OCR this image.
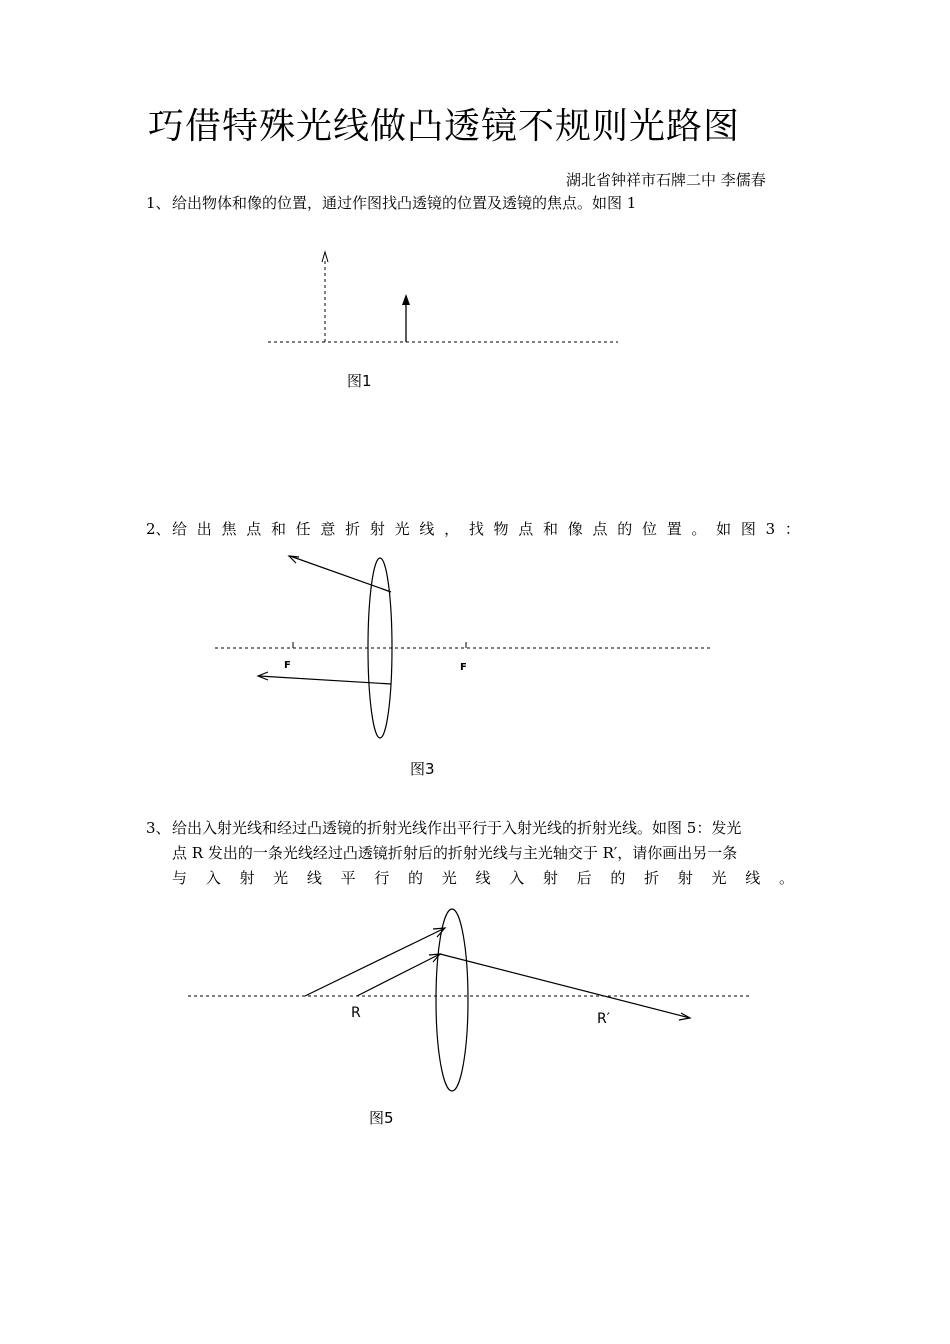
巧借特殊光线做凸透镜不规则光路图
湖北省钟祥市石牌二中 李儒春
1、给出物体和像的位置，通过作图找凸透镜的位置及透镜的焦点。如图 1
图1
2、 给 出 焦 点 和 任 意 折 射 光 线 ， 找 物 点 和 像 点 的 位 置 。 如 图 3 ：
F	F
图3
3、给出入射光线和经过凸透镜的折射光线作出平行于入射光线的折射光线。如图 5：发光
点 R 发出的一条光线经过凸透镜折射后的折射光线与主光轴交于 R′，请你画出另一条
与 入 射 光 线 平 行 的 光 线 入 射 后 的 折 射 光 线 。
R	R′
图5
